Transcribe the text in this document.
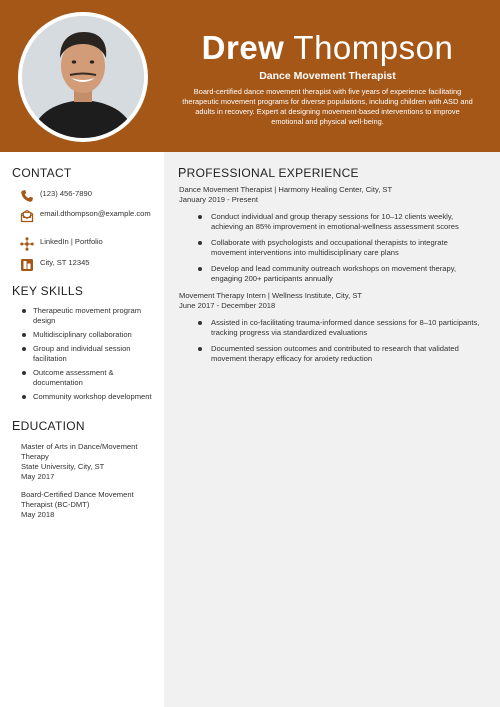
Drew Thompson
Dance Movement Therapist
Board-certified dance movement therapist with five years of experience facilitating therapeutic movement programs for diverse populations, including children with ASD and adults in recovery. Expert at designing movement-based interventions to improve emotional and physical well-being.
CONTACT
(123) 456-7890
email.dthompson@example.com
LinkedIn | Portfolio
City, ST 12345
KEY SKILLS
Therapeutic movement program design
Multidisciplinary collaboration
Group and individual session facilitation
Outcome assessment & documentation
Community workshop development
EDUCATION
Master of Arts in Dance/Movement Therapy
State University, City, ST
May 2017
Board-Certified Dance Movement Therapist (BC-DMT)
May 2018
PROFESSIONAL EXPERIENCE
Dance Movement Therapist | Harmony Healing Center, City, ST
January 2019 - Present
Conduct individual and group therapy sessions for 10–12 clients weekly, achieving an 85% improvement in emotional-wellness assessment scores
Collaborate with psychologists and occupational therapists to integrate movement interventions into multidisciplinary care plans
Develop and lead community outreach workshops on movement therapy, engaging 200+ participants annually
Movement Therapy Intern | Wellness Institute, City, ST
June 2017 - December 2018
Assisted in co-facilitating trauma-informed dance sessions for 8–10 participants, tracking progress via standardized evaluations
Documented session outcomes and contributed to research that validated movement therapy efficacy for anxiety reduction
